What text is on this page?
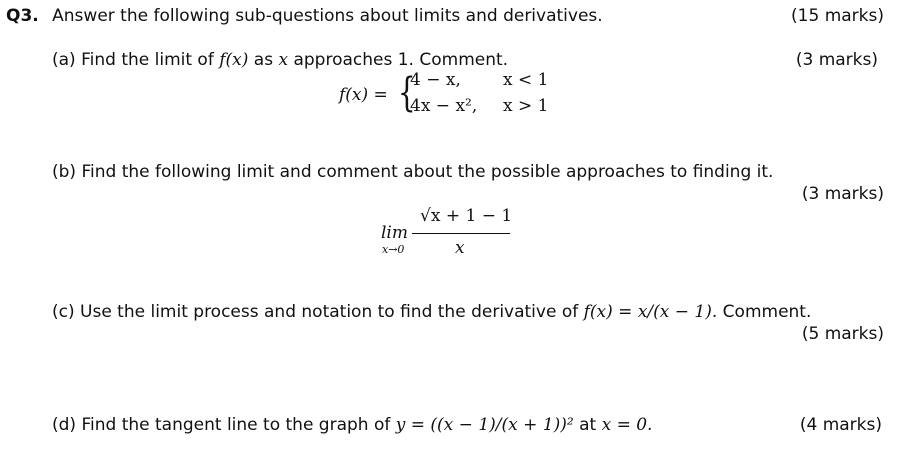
Q3. Answer the following sub-questions about limits and derivatives.	(15 marks)
(a) Find the limit of f(x) as x approaches 1. Comment.	(3 marks)
f(x) = {
4 − x, x < 1
4x − x², x > 1
(b) Find the following limit and comment about the possible approaches to finding it.
(3 marks)
lim
x→0
√x + 1 − 1
x
(c) Use the limit process and notation to find the derivative of f(x) = x/(x − 1). Comment.
(5 marks)
(d) Find the tangent line to the graph of y = ((x − 1)/(x + 1))² at x = 0.	(4 marks)
